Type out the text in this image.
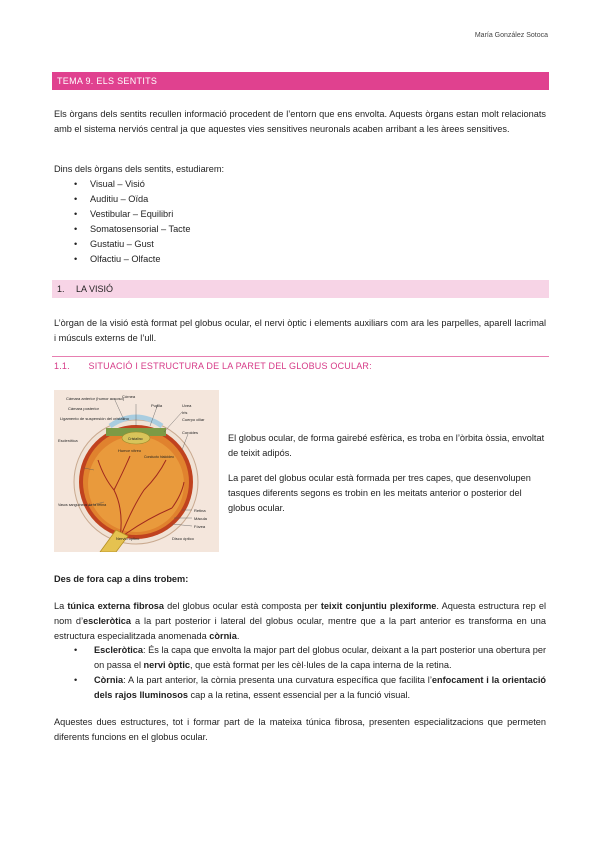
María González Sotoca
TEMA 9. ELS SENTITS
Els òrgans dels sentits recullen informació procedent de l’entorn que ens envolta. Aquests òrgans estan molt relacionats amb el sistema nerviós central ja que aquestes vies sensitives neuronals acaben arribant a les àrees sensitives.
Dins dels òrgans dels sentits, estudiarem:
• Visual – Visió
• Auditiu – Oïda
• Vestibular – Equilibri
• Somatosensorial – Tacte
• Gustatiu – Gust
• Olfactiu – Olfacte
1. LA VISIÓ
L’òrgan de la visió està format pel globus ocular, el nervi òptic i elements auxiliars com ara les parpelles, aparell lacrimal i músculs externs de l’ull.
1.1. SITUACIÓ I ESTRUCTURA DE LA PARET DEL GLOBUS OCULAR:
Cámara anterior (humor acuoso)
Cámara posterior
Córnea
Pupila	Uvea
Iris
Cuerpo ciliar
Coroides
Ligamento de suspensión del cristalino
Cristalino
Esclerótica
Humor vítreo
Conducto hialoideo
Retina
Mácula
Fóvea
Vasos sanguíneos de la retina
Nervio óptico	Disco óptico
El globus ocular, de forma gairebé esfèrica, es troba en l’òrbita òssia, envoltat de teixit adipós.
La paret del globus ocular està formada per tres capes, que desenvolupen tasques diferents segons es trobin en les meitats anterior o posterior del globus ocular.
Des de fora cap a dins trobem:
La túnica externa fibrosa del globus ocular està composta per teixit conjuntiu plexiforme. Aquesta estructura rep el nom d’escleròtica a la part posterior i lateral del globus ocular, mentre que a la part anterior es transforma en una estructura especialitzada anomenada còrnia.
• Escleròtica: És la capa que envolta la major part del globus ocular, deixant a la part posterior una obertura per on passa el nervi òptic, que està format per les cèl·lules de la capa interna de la retina.
• Còrnia: A la part anterior, la còrnia presenta una curvatura específica que facilita l’enfocament i la orientació dels rajos lluminosos cap a la retina, essent essencial per a la funció visual.
Aquestes dues estructures, tot i formar part de la mateixa túnica fibrosa, presenten especialitzacions que permeten diferents funcions en el globus ocular.
